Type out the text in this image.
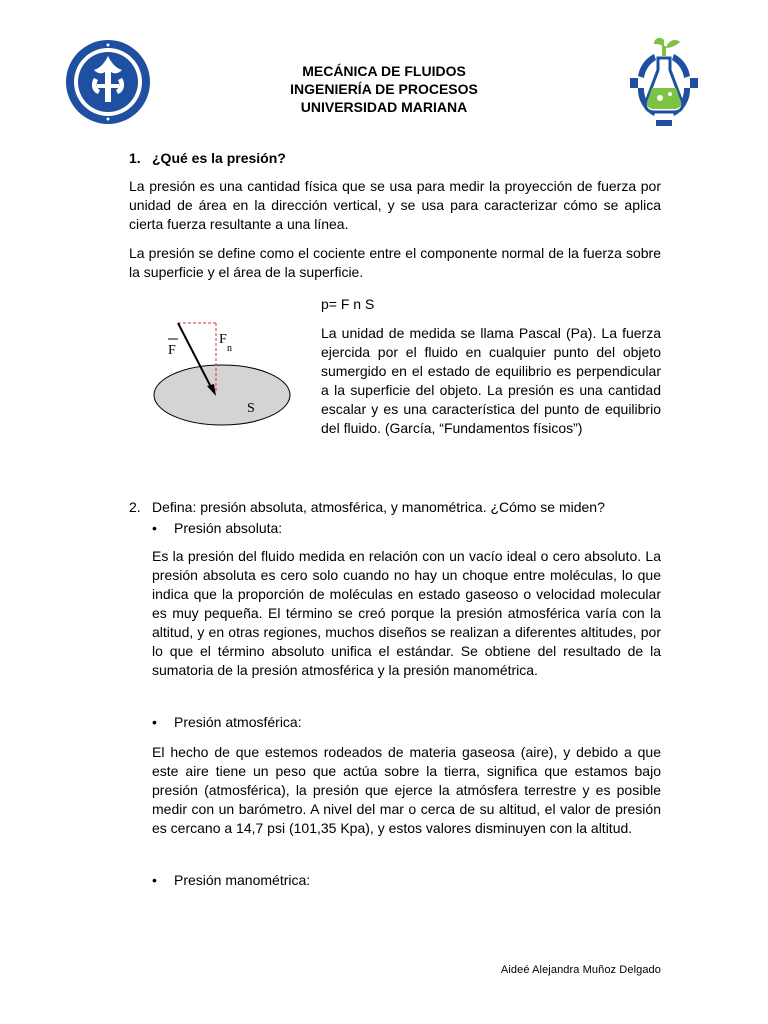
MECÁNICA DE FLUIDOS
INGENIERÍA DE PROCESOS
UNIVERSIDAD MARIANA
1. ¿Qué es la presión?

La presión es una cantidad física que se usa para medir la proyección de fuerza por unidad de área en la dirección vertical, y se usa para caracterizar cómo se aplica cierta fuerza resultante a una línea.

La presión se define como el cociente entre el componente normal de la fuerza sobre la superficie y el área de la superficie.

p= F n S
F
F
n
S

La unidad de medida se llama Pascal (Pa). La fuerza ejercida por el fluido en cualquier punto del objeto sumergido en el estado de equilibrio es perpendicular a la superficie del objeto. La presión es una cantidad escalar y es una característica del punto de equilibrio del fluido. (García, “Fundamentos físicos”)

2. Defina: presión absoluta, atmosférica, y manométrica. ¿Cómo se miden?
• Presión absoluta:

Es la presión del fluido medida en relación con un vacío ideal o cero absoluto. La presión absoluta es cero solo cuando no hay un choque entre moléculas, lo que indica que la proporción de moléculas en estado gaseoso o velocidad molecular es muy pequeña. El término se creó porque la presión atmosférica varía con la altitud, y en otras regiones, muchos diseños se realizan a diferentes altitudes, por lo que el término absoluto unifica el estándar. Se obtiene del resultado de la sumatoria de la presión atmosférica y la presión manométrica.

• Presión atmosférica:

El hecho de que estemos rodeados de materia gaseosa (aire), y debido a que este aire tiene un peso que actúa sobre la tierra, significa que estamos bajo presión (atmosférica), la presión que ejerce la atmósfera terrestre y es posible medir con un barómetro. A nivel del mar o cerca de su altitud, el valor de presión es cercano a 14,7 psi (101,35 Kpa), y estos valores disminuyen con la altitud.

• Presión manométrica:
Aideé Alejandra Muñoz Delgado
